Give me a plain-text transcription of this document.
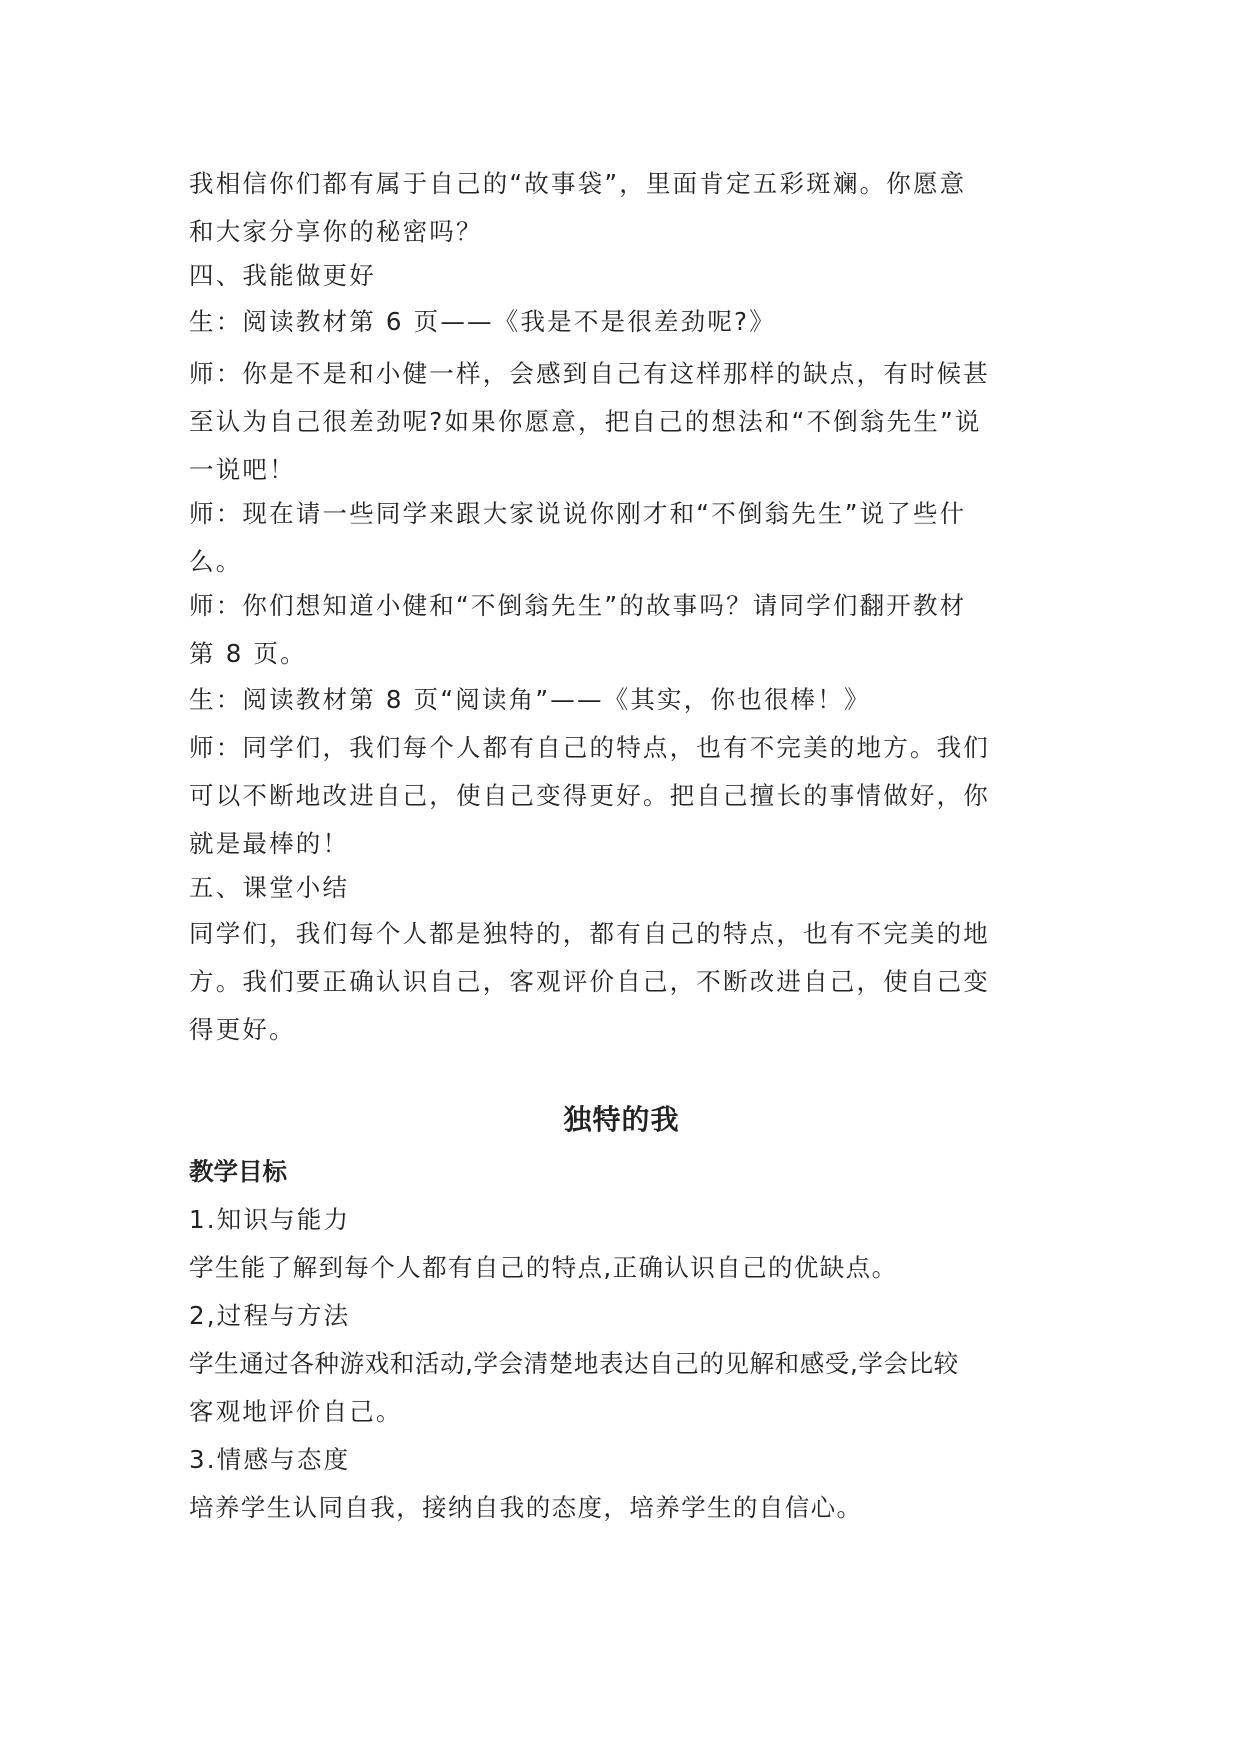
我相信你们都有属于自己的“故事袋”，里面肯定五彩斑斓。你愿意

和大家分享你的秘密吗？

四、我能做更好

生：阅读教材第 6 页——《我是不是很差劲呢?》

师：你是不是和小健一样，会感到自己有这样那样的缺点，有时候甚

至认为自己很差劲呢?如果你愿意，把自己的想法和“不倒翁先生”说

一说吧！

师：现在请一些同学来跟大家说说你刚才和“不倒翁先生”说了些什

么。

师：你们想知道小健和“不倒翁先生”的故事吗？请同学们翻开教材

第 8 页。

生：阅读教材第 8 页“阅读角”——《其实，你也很棒！》

师：同学们，我们每个人都有自己的特点，也有不完美的地方。我们

可以不断地改进自己，使自己变得更好。把自己擅长的事情做好，你

就是最棒的！

五、课堂小结

同学们，我们每个人都是独特的，都有自己的特点，也有不完美的地

方。我们要正确认识自己，客观评价自己，不断改进自己，使自己变

得更好。

独特的我

教学目标

1.知识与能力

学生能了解到每个人都有自己的特点,正确认识自己的优缺点。

2,过程与方法

学生通过各种游戏和活动,学会清楚地表达自己的见解和感受,学会比较

客观地评价自己。

3.情感与态度

培养学生认同自我，接纳自我的态度，培养学生的自信心。
